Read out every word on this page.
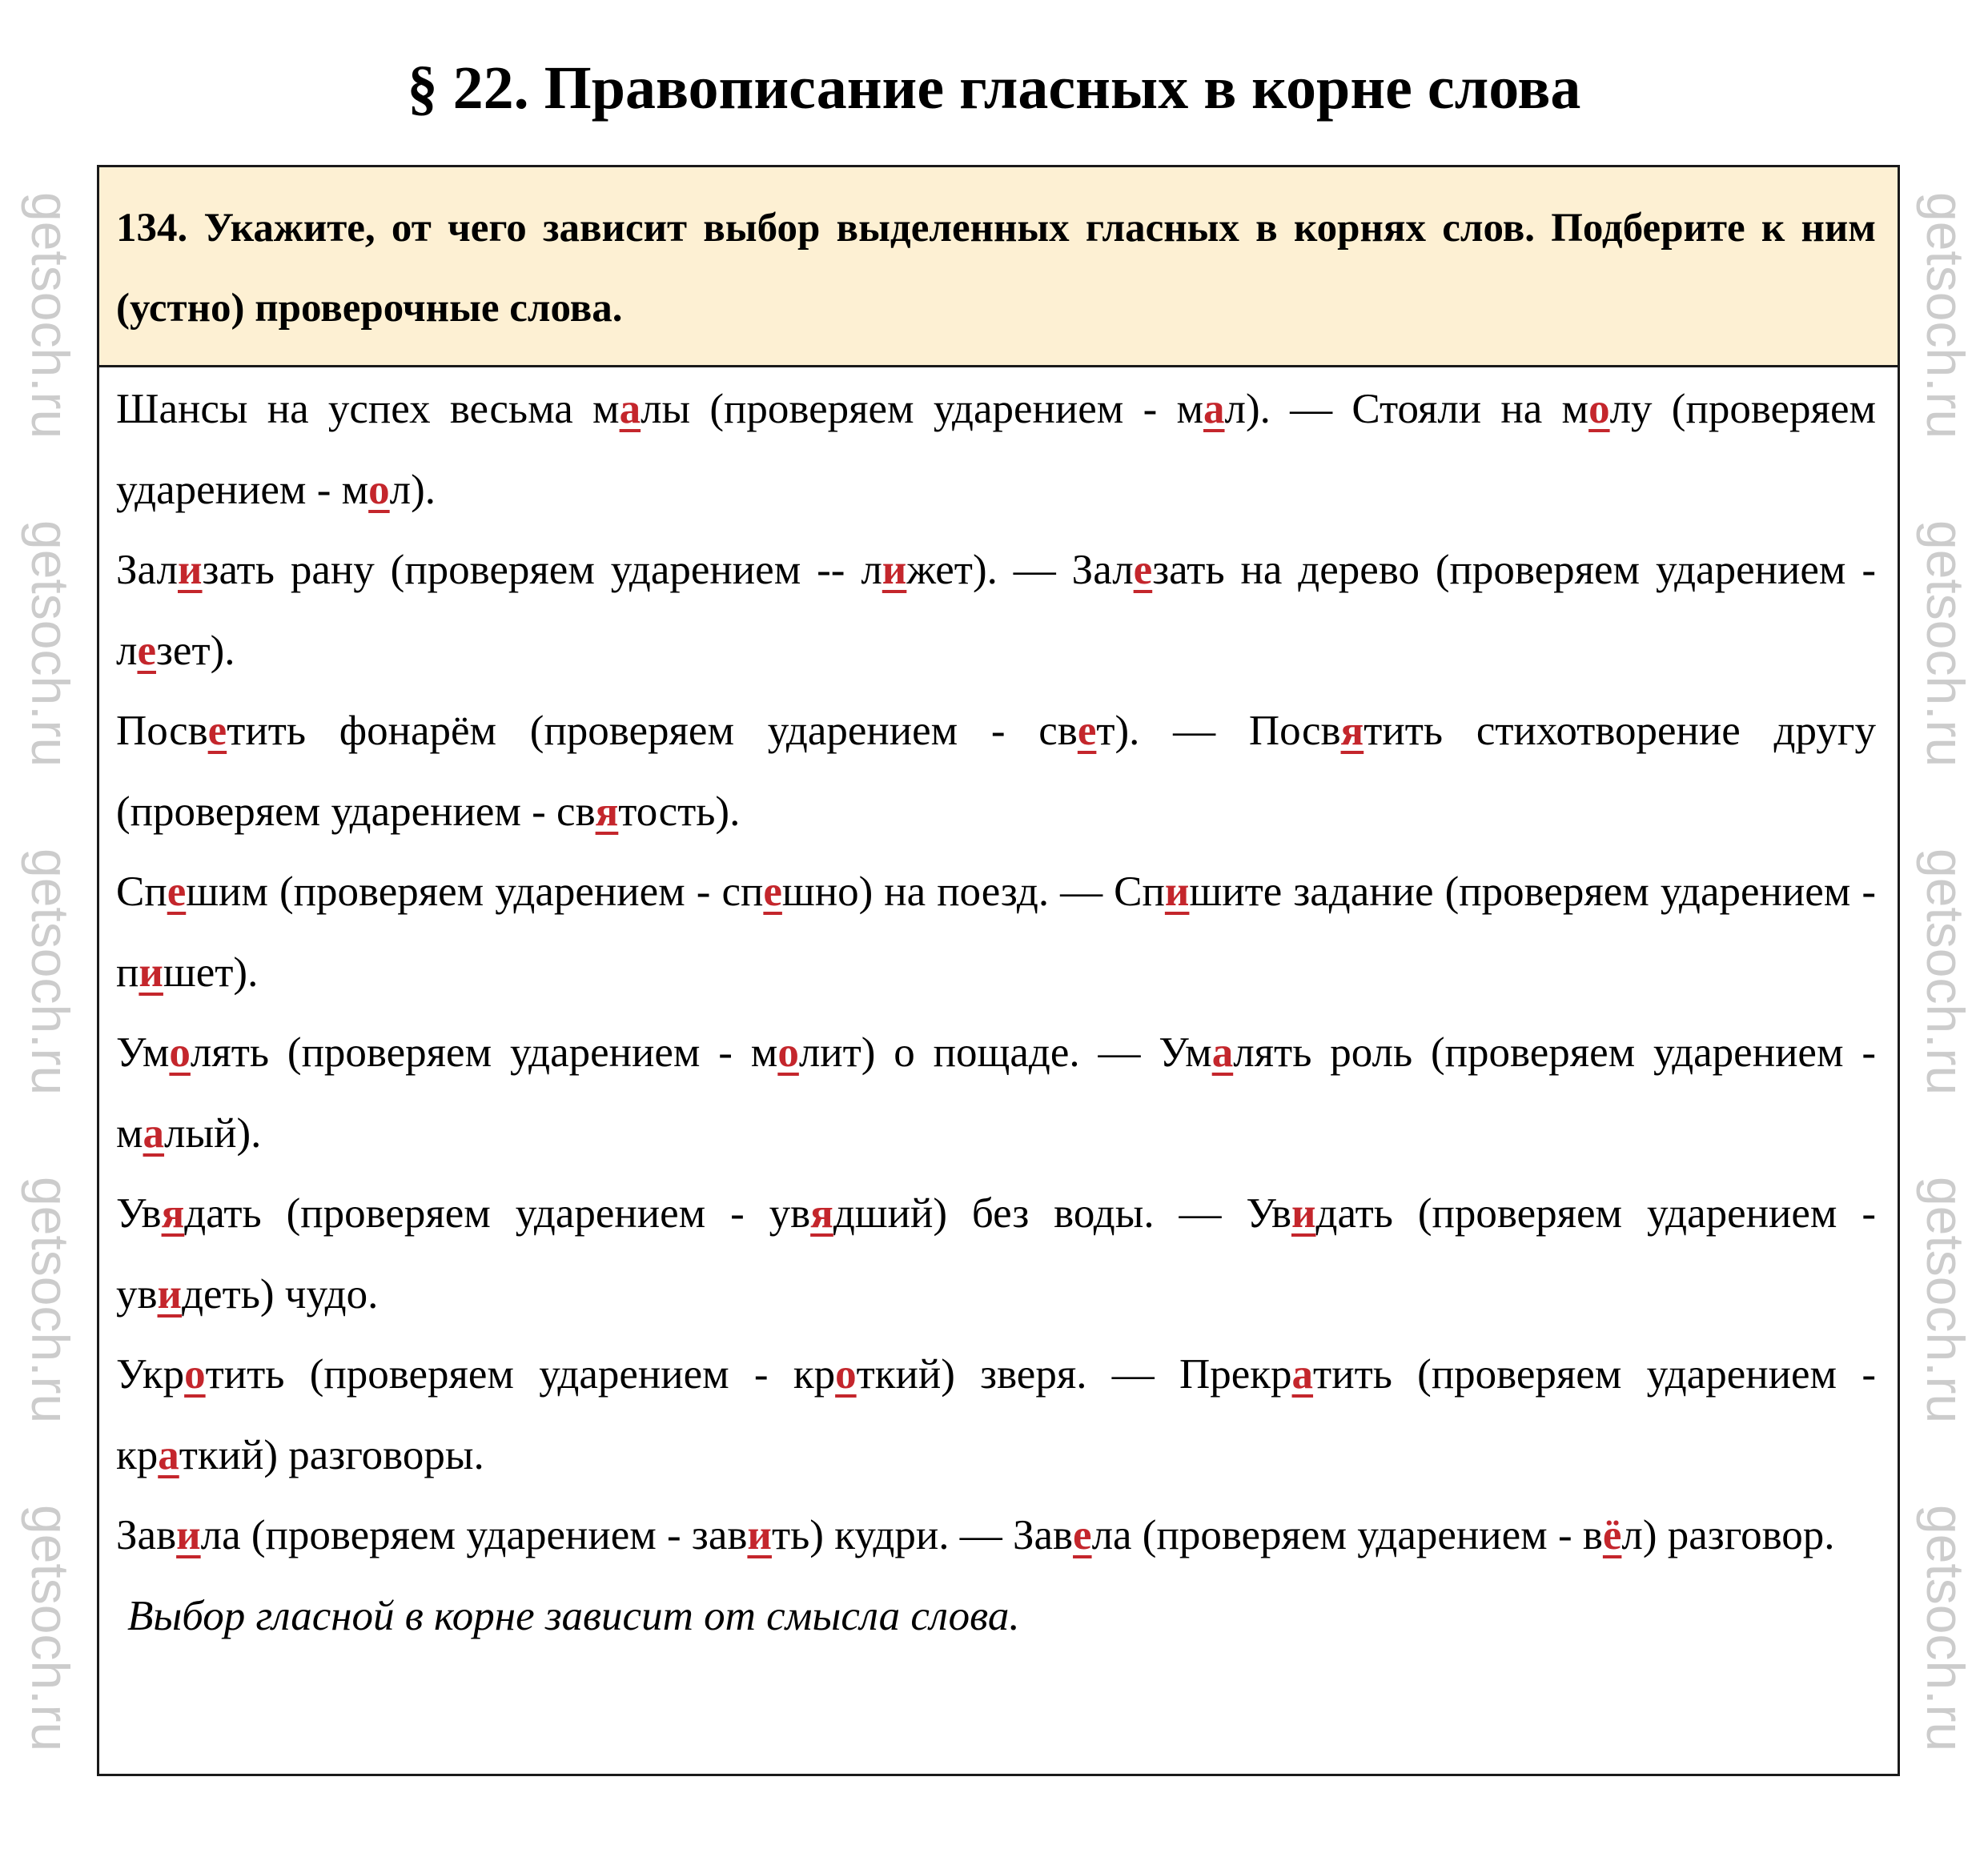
§ 22. Правописание гласных в корне слова
134. Укажите, от чего зависит выбор выделенных гласных в корнях слов. Подберите к ним (устно) проверочные слова.
Шансы на успех весьма малы (проверяем ударением - мал). — Стояли на молу (проверяем ударением - мол).
Зализать рану (проверяем ударением -- лижет). — Залезать на дерево (проверяем ударением - лезет).
Посветить фонарём (проверяем ударением - свет). — Посвятить стихотворение другу (проверяем ударением - святость).
Спешим (проверяем ударением - спешно) на поезд. — Спишите задание (проверяем ударением - пишет).
Умолять (проверяем ударением - молит) о пощаде. — Умалять роль (проверяем ударением - малый).
Увядать (проверяем ударением - увядший) без воды. — Увидать (проверяем ударением - увидеть) чудо.
Укротить (проверяем ударением - кроткий) зверя. — Прекратить (проверяем ударением - краткий) разговоры.
Завила (проверяем ударением - завить) кудри. — Завела (проверяем ударением - вёл) разговор.
Выбор гласной в корне зависит от смысла слова.
getsoch.ru
getsoch.ru
getsoch.ru
getsoch.ru
getsoch.ru
getsoch.ru
getsoch.ru
getsoch.ru
getsoch.ru
getsoch.ru
